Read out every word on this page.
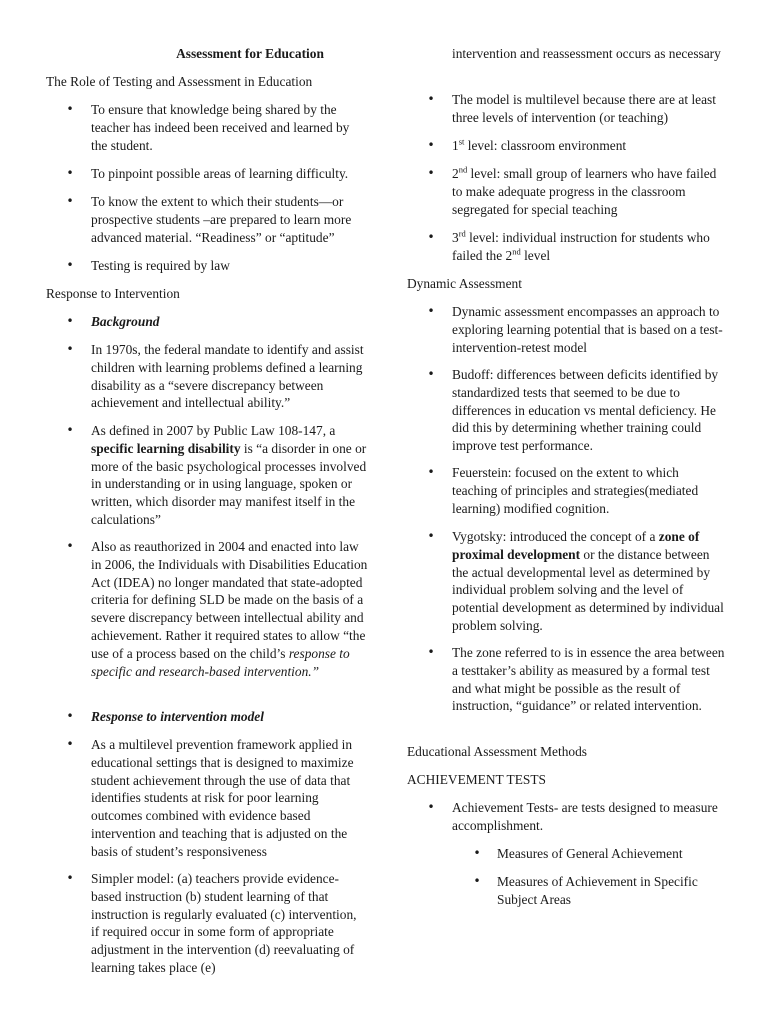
Assessment for Education
The Role of Testing and Assessment in Education
• To ensure that knowledge being shared by the teacher has indeed been received and learned by the student.
• To pinpoint possible areas of learning difficulty.
• To know the extent to which their students—or prospective students –are prepared to learn more advanced material. “Readiness” or “aptitude”
• Testing is required by law
Response to Intervention
• Background
• In 1970s, the federal mandate to identify and assist children with learning problems defined a learning disability as a “severe discrepancy between achievement and intellectual ability.”
• As defined in 2007 by Public Law 108-147, a specific learning disability is “a disorder in one or more of the basic psychological processes involved in understanding or in using language, spoken or written, which disorder may manifest itself in the calculations”
• Also as reauthorized in 2004 and enacted into law in 2006, the Individuals with Disabilities Education Act (IDEA) no longer mandated that state-adopted criteria for defining SLD be made on the basis of a severe discrepancy between intellectual ability and achievement. Rather it required states to allow “the use of a process based on the child’s response to specific and research-based intervention.”
• Response to intervention model
• As a multilevel prevention framework applied in educational settings that is designed to maximize student achievement through the use of data that identifies students at risk for poor learning outcomes combined with evidence based intervention and teaching that is adjusted on the basis of student’s responsiveness
• Simpler model: (a) teachers provide evidence-based instruction (b) student learning of that instruction is regularly evaluated (c) intervention, if required occur in some form of appropriate adjustment in the intervention (d) reevaluating of learning takes place (e)
intervention and reassessment occurs as necessary
• The model is multilevel because there are at least three levels of intervention (or teaching)
• 1st level: classroom environment
• 2nd level: small group of learners who have failed to make adequate progress in the classroom segregated for special teaching
• 3rd level: individual instruction for students who failed the 2nd level
Dynamic Assessment
• Dynamic assessment encompasses an approach to exploring learning potential that is based on a test-intervention-retest model
• Budoff: differences between deficits identified by standardized tests that seemed to be due to differences in education vs mental deficiency. He did this by determining whether training could improve test performance.
• Feuerstein: focused on the extent to which teaching of principles and strategies(mediated learning) modified cognition.
• Vygotsky: introduced the concept of a zone of proximal development or the distance between the actual developmental level as determined by individual problem solving and the level of potential development as determined by individual problem solving.
• The zone referred to is in essence the area between a testtaker’s ability as measured by a formal test and what might be possible as the result of instruction, “guidance” or related intervention.
Educational Assessment Methods
ACHIEVEMENT TESTS
• Achievement Tests- are tests designed to measure accomplishment.
• Measures of General Achievement
• Measures of Achievement in Specific Subject Areas
